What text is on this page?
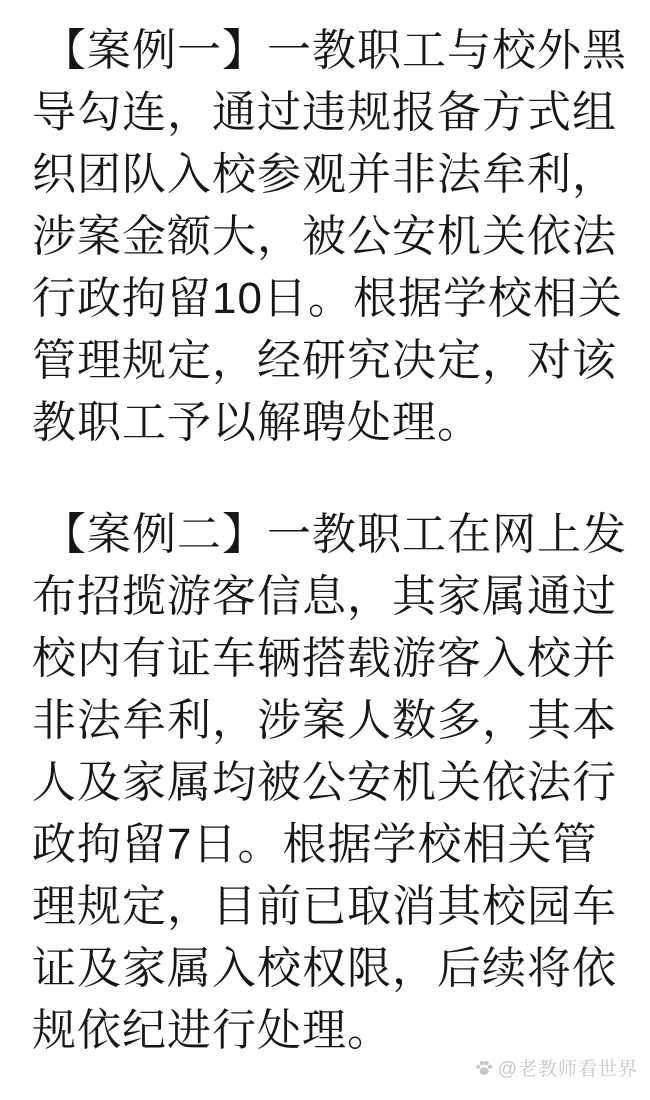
【案例一】一教职工与校外黑
导勾连，通过违规报备方式组
织团队入校参观并非法牟利，
涉案金额大，被公安机关依法
行政拘留10日。根据学校相关
管理规定，经研究决定，对该
教职工予以解聘处理。
【案例二】一教职工在网上发
布招揽游客信息，其家属通过
校内有证车辆搭载游客入校并
非法牟利，涉案人数多，其本
人及家属均被公安机关依法行
政拘留7日。根据学校相关管
理规定，目前已取消其校园车
证及家属入校权限，后续将依
规依纪进行处理。
@老教师看世界
